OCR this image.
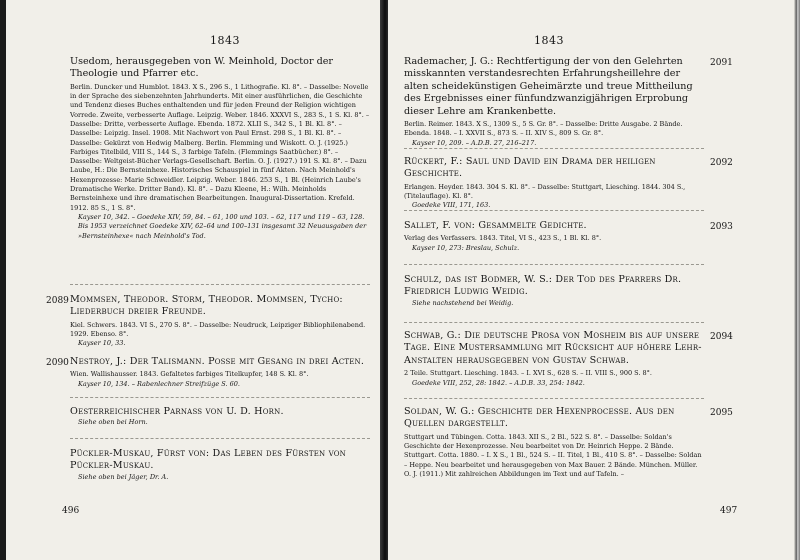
1843

Usedom, herausgegeben von W. Meinhold, Doctor der Theologie und Pfarrer etc.

Berlin. Duncker und Humblot. 1843. X S., 296 S., 1 Lithografie. Kl. 8°. – Dasselbe: Novelle in der Sprache des siebenzehnten Jahrhunderts. Mit einer ausführlichen, die Geschichte und Tendenz dieses Buches enthaltenden und für jeden Freund der Religion wichtigen Vorrede. Zweite, verbesserte Auflage. Leipzig. Weber. 1846. XXXVI S., 283 S., 1 S. Kl. 8°. – Dasselbe: Dritte, verbesserte Auflage. Ebenda. 1872. XLII S., 342 S., 1 Bl. Kl. 8°. – Dasselbe: Leipzig. Insel. 1908. Mit Nachwort von Paul Ernst. 298 S., 1 Bl. Kl. 8°. – Dasselbe: Gekürzt von Hedwig Malberg. Berlin. Flemming und Wiskott. O. J. (1925.) Farbiges Titelbild, VIII S., 144 S., 3 farbige Tafeln. (Flemmings Saatbücher.) 8°. – Dasselbe: Weltgeist-Bücher Verlags-Gesellschaft. Berlin. O. J. (1927.) 191 S. Kl. 8°. – Dazu Laube, H.: Die Bernsteinhexe. Historisches Schauspiel in fünf Akten. Nach Meinhold's Hexenprozesse: Marie Schweidler. Leipzig. Weber. 1846. 253 S., 1 Bl. (Heinrich Laube's Dramatische Werke. Dritter Band). Kl. 8°. – Dazu Kleene, H.: Wilh. Meinholds Bernsteinhexe und ihre dramatischen Bearbeitungen. Inaugural-Dissertation. Krefeld. 1912. 85 S., 1 S. 8°.

Kayser 10, 342. – Goedeke XIV, 59, 84. – 61, 100 und 103. – 62, 117 und 119 – 63, 128. Bis 1953 verzeichnet Goedeke XIV, 62–64 und 100–131 insgesamt 32 Neuausgaben der »Bernsteinhexe« nach Meinhold's Tod.

2089 Mommsen, Theodor. Storm, Theodor. Mommsen, Tycho: Liederbuch dreier Freunde.

Kiel. Schwers. 1843. VI S., 270 S. 8°. – Dasselbe: Neudruck, Leipziger Bibliophilenabend. 1929. Ebenso. 8°.

Kayser 10, 33.

2090 Nestroy, J.: Der Talismann. Posse mit Gesang in drei Acten.

Wien. Wallishausser. 1843. Gefaltetes farbiges Titelkupfer, 148 S. Kl. 8°.

Kayser 10, 134. – Rabenlechner Streifzüge S. 60.

Oesterreichischer Parnass von U. D. Horn.

Siehe oben bei Horn.

Pückler-Muskau, Fürst von: Das Leben des Fürsten von Pückler-Muskau.

Siehe oben bei Jäger, Dr. A.

496
1843
2091

Rademacher, J. G.: Rechtfertigung der von den Gelehrten misskannten verstandesrechten Erfahrungsheillehre der alten scheidekünstigen Geheimärzte und treue Mittheilung des Ergebnisses einer fünfundzwanzigjährigen Erprobung dieser Lehre am Krankenbette.

Berlin. Reimer. 1843. X S., 1309 S., 5 S. Gr. 8°. – Dasselbe: Dritte Ausgabe. 2 Bände. Ebenda. 1848. – I. XXVII S., 873 S. – II. XIV S., 809 S. Gr. 8°.

Kayser 10, 209. – A.D.B. 27, 216–217.

2092

Rückert, F.: Saul und David ein Drama der heiligen Geschichte.

Erlangen. Heyder. 1843. 304 S. Kl. 8°. – Dasselbe: Stuttgart, Liesching. 1844. 304 S., (Titelauflage). Kl. 8°.

Goedeke VIII, 171, 163.

2093

Sallet, F. von: Gesammelte Gedichte.

Verlag des Verfassers. 1843. Titel, VI S., 423 S., 1 Bl. Kl. 8°.

Kayser 10, 273: Breslau, Schulz.

Schulz, das ist Bodmer, W. S.: Der Tod des Pfarrers Dr. Friedrich Ludwig Weidig.

Siehe nachstehend bei Weidig.

2094

Schwab, G.: Die deutsche Prosa von Mosheim bis auf unsere Tage. Eine Mustersammlung mit Rücksicht auf höhere Lehr-Anstalten herausgegeben von Gustav Schwab.

2 Teile. Stuttgart. Liesching. 1843. – I. XVI S., 628 S. – II. VIII S., 900 S. 8°.

Goedeke VIII, 252, 28: 1842. – A.D.B. 33, 254: 1842.

2095

Soldan, W. G.: Geschichte der Hexenprocesse. Aus den Quellen dargestellt.

Stuttgart und Tübingen. Cotta. 1843. XII S., 2 Bl., 522 S. 8°. – Dasselbe: Soldan's Geschichte der Hexenprozesse. Neu bearbeitet von Dr. Heinrich Heppe. 2 Bände. Stuttgart. Cotta. 1880. – I. X S., 1 Bl., 524 S. – II. Titel, 1 Bl., 410 S. 8°. – Dasselbe: Soldan – Heppe. Neu bearbeitet und herausgegeben von Max Bauer. 2 Bände. München. Müller. O. J. (1911.) Mit zahlreichen Abbildungen im Text und auf Tafeln. –

497
